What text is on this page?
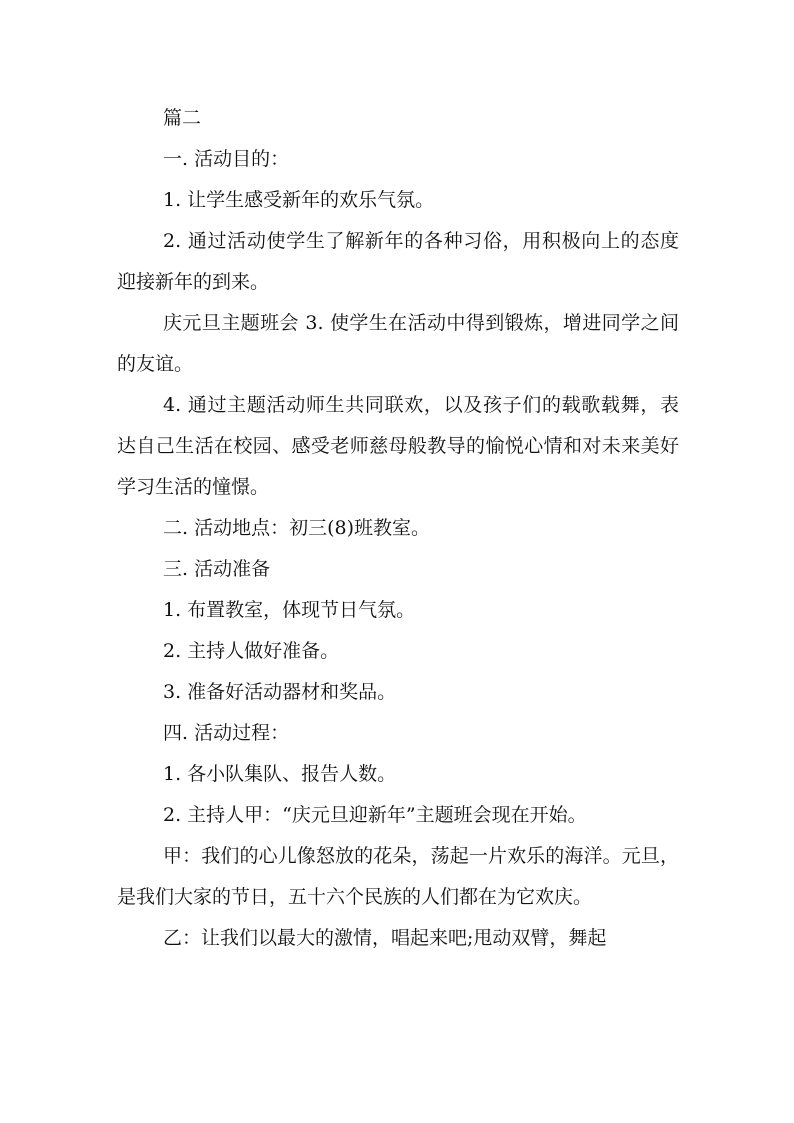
篇二

一. 活动目的：

1. 让学生感受新年的欢乐气氛。

2. 通过活动使学生了解新年的各种习俗，用积极向上的态度迎接新年的到来。

庆元旦主题班会 3. 使学生在活动中得到锻炼，增进同学之间的友谊。

4. 通过主题活动师生共同联欢，以及孩子们的载歌载舞，表达自己生活在校园、感受老师慈母般教导的愉悦心情和对未来美好学习生活的憧憬。

二. 活动地点：初三(8)班教室。

三. 活动准备

1. 布置教室，体现节日气氛。

2. 主持人做好准备。

3. 准备好活动器材和奖品。

四. 活动过程：

1. 各小队集队、报告人数。

2. 主持人甲：“庆元旦迎新年”主题班会现在开始。

甲：我们的心儿像怒放的花朵，荡起一片欢乐的海洋。元旦，是我们大家的节日，五十六个民族的人们都在为它欢庆。

乙：让我们以最大的激情，唱起来吧;甩动双臂，舞起
